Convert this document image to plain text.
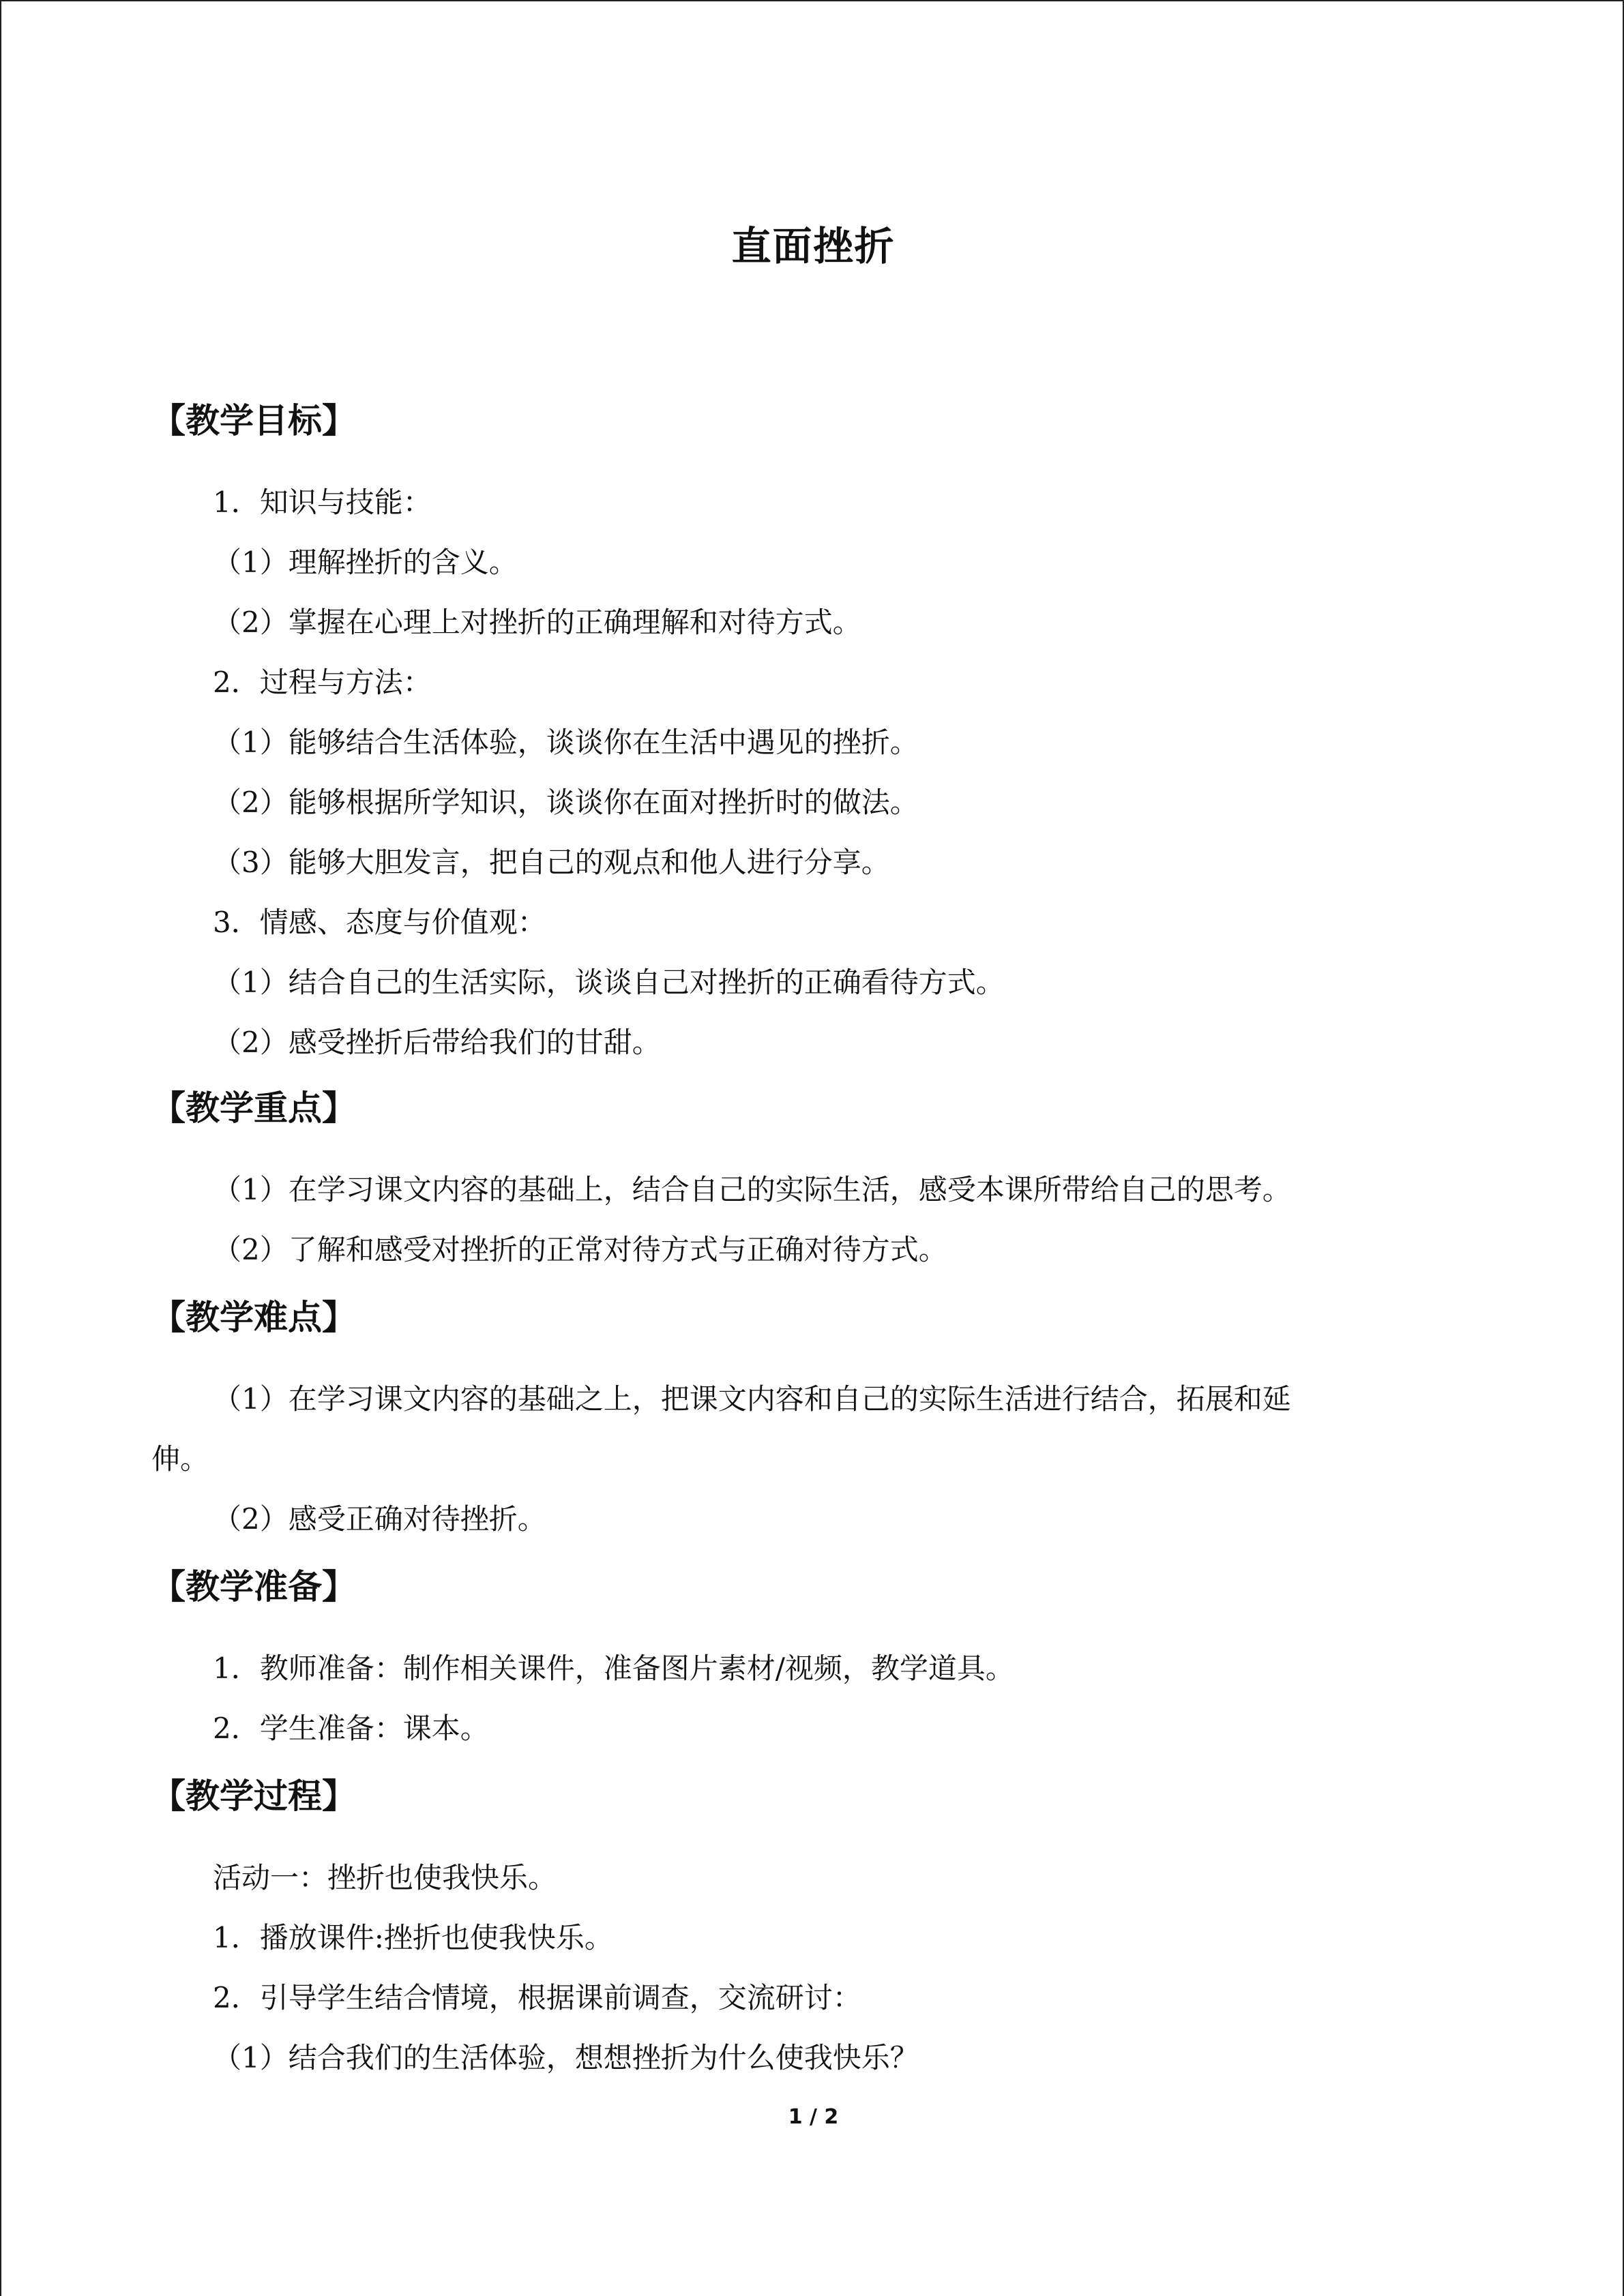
直面挫折
【教学目标】
1．知识与技能：
（1）理解挫折的含义。
（2）掌握在心理上对挫折的正确理解和对待方式。
2．过程与方法：
（1）能够结合生活体验，谈谈你在生活中遇见的挫折。
（2）能够根据所学知识，谈谈你在面对挫折时的做法。
（3）能够大胆发言，把自己的观点和他人进行分享。
3．情感、态度与价值观：
（1）结合自己的生活实际，谈谈自己对挫折的正确看待方式。
（2）感受挫折后带给我们的甘甜。
【教学重点】
（1）在学习课文内容的基础上，结合自己的实际生活，感受本课所带给自己的思考。
（2）了解和感受对挫折的正常对待方式与正确对待方式。
【教学难点】
（1）在学习课文内容的基础之上，把课文内容和自己的实际生活进行结合，拓展和延
伸。
（2）感受正确对待挫折。
【教学准备】
1．教师准备：制作相关课件，准备图片素材/视频，教学道具。
2．学生准备：课本。
【教学过程】
活动一：挫折也使我快乐。
1．播放课件:挫折也使我快乐。
2．引导学生结合情境，根据课前调查，交流研讨：
（1）结合我们的生活体验，想想挫折为什么使我快乐？
1 / 2
